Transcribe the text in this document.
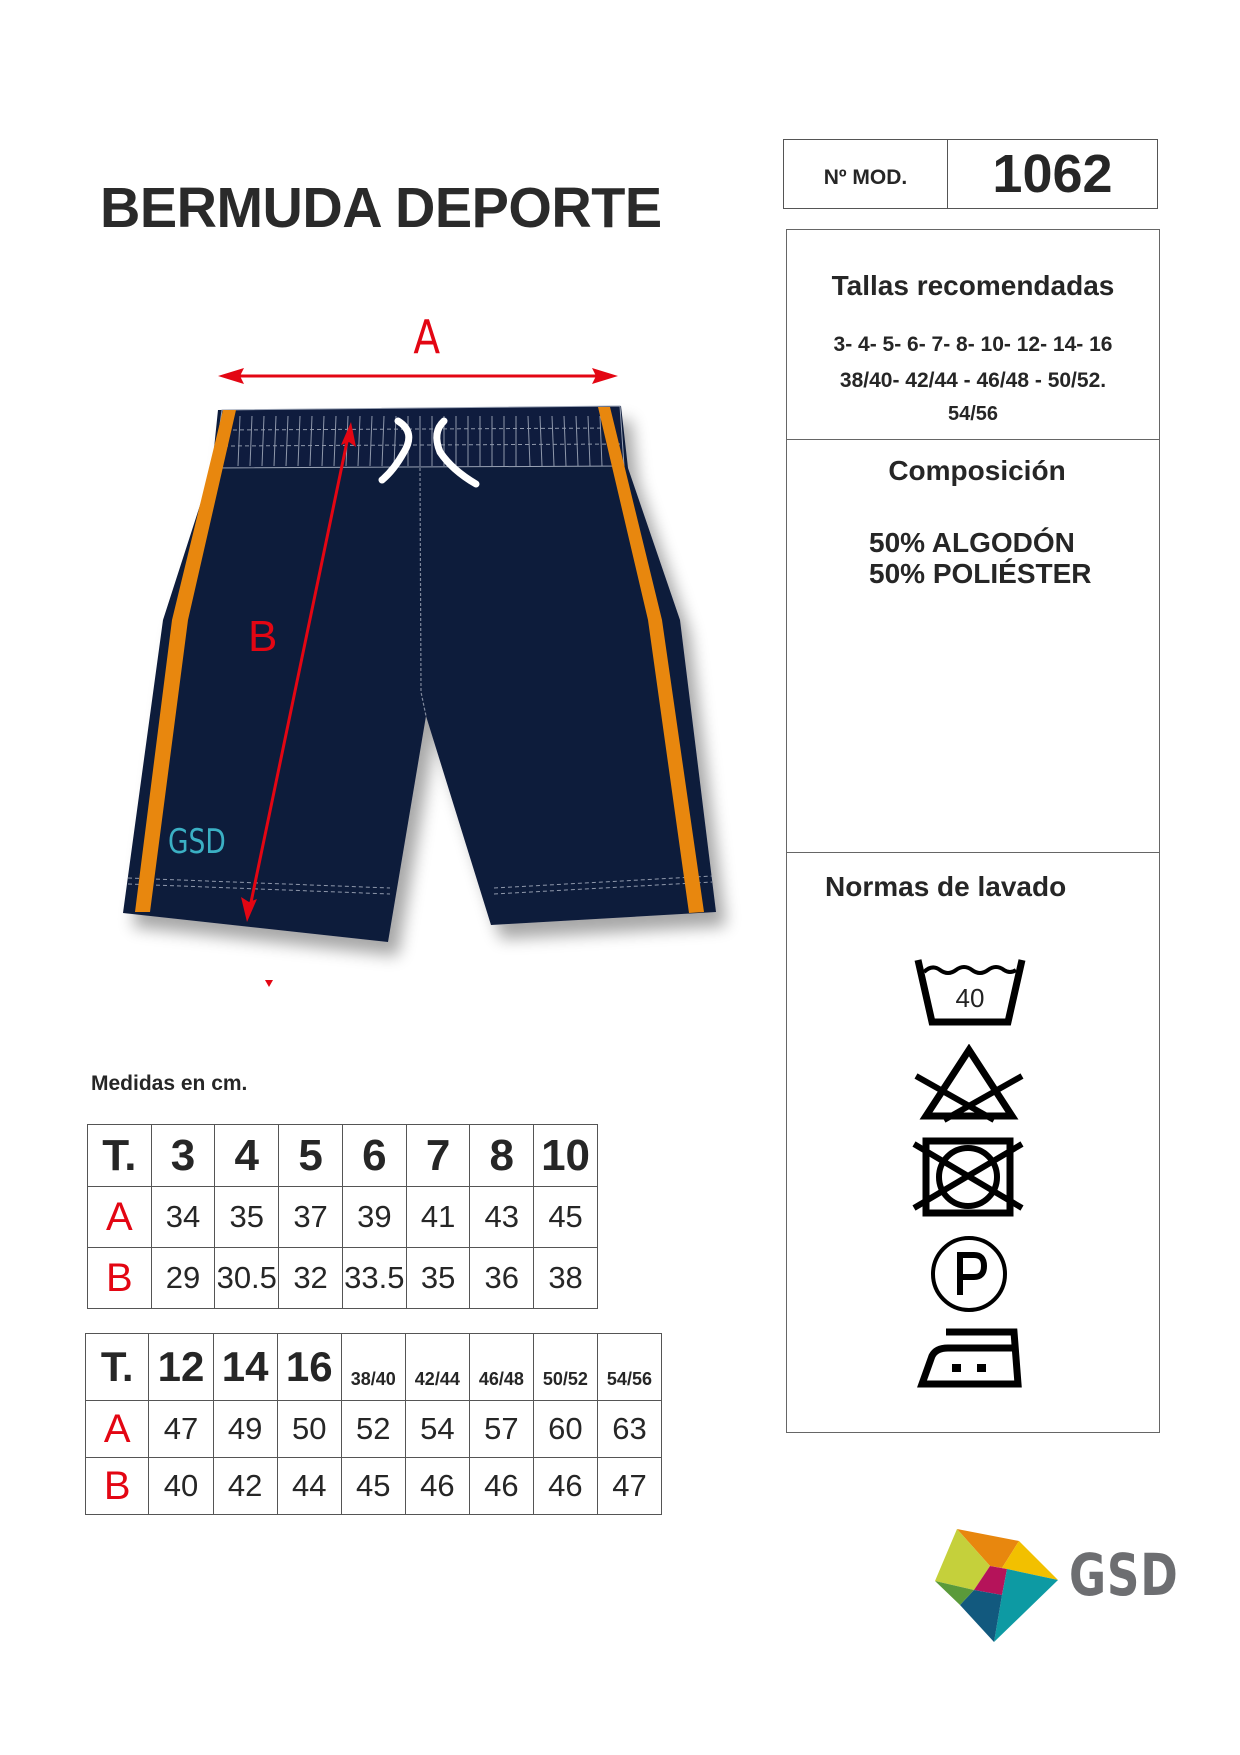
BERMUDA DEPORTE	Nº MOD.	1062
A
B
GSD
Tallas recomendadas
3- 4- 5- 6- 7- 8- 10- 12- 14- 16
38/40- 42/44 - 46/48 - 50/52.
54/56
Composición
50% ALGODÓN
50% POLIÉSTER
Normas de lavado
40
Medidas en cm.
T.	3	4	5	6	7	8	10
A	34	35	37	39	41	43	45
B	29	30.5	32	33.5	35	36	38
T.	12	14	16	38/40	42/44	46/48	50/52	54/56
A	47	49	50	52	54	57	60	63
B	40	42	44	45	46	46	46	47
GSD
